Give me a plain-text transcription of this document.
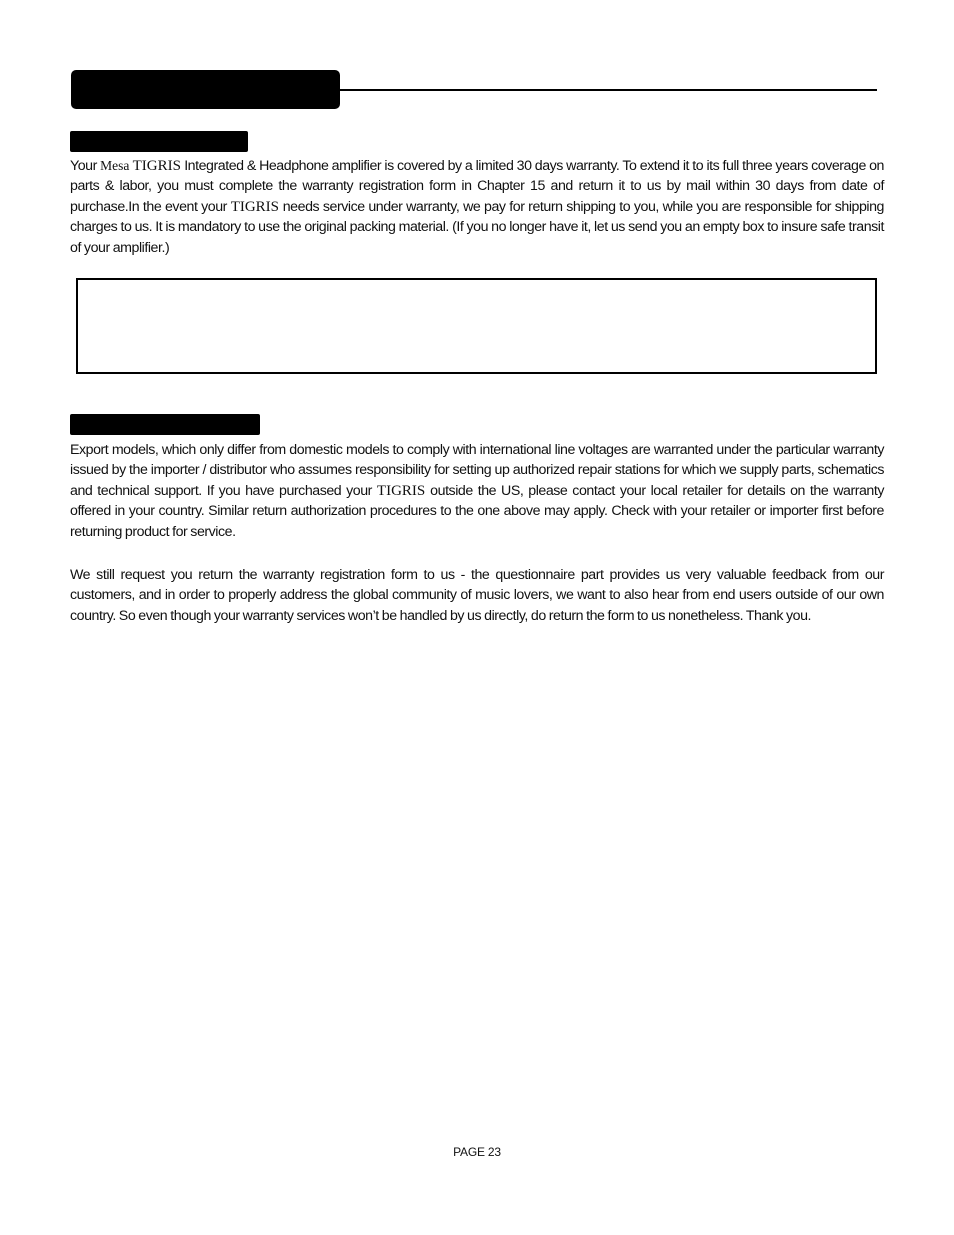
Your Mesa TIGRIS Integrated & Headphone amplifier is covered by a limited 30 days warranty. To extend it to its full three years coverage on parts & labor, you must complete the warranty registration form in Chapter 15 and return it to us by mail within 30 days from date of purchase.In the event your TIGRIS needs service under warranty, we pay for return shipping to you, while you are responsible for shipping charges to us. It is mandatory to use the original packing material. (If you no longer have it, let us send you an empty box to insure safe transit of your amplifier.)

Export models, which only differ from domestic models to comply with international line voltages are warranted under the particular warranty issued by the importer / distributor who assumes responsibility for setting up authorized repair stations for which we supply parts, schematics and technical support. If you have purchased your TIGRIS outside the US, please contact your local retailer for details on the warranty offered in your country. Similar return authorization procedures to the one above may apply. Check with your retailer or importer first before returning product for service.

We still request you return the warranty registration form to us - the questionnaire part provides us very valuable feedback from our customers, and in order to properly address the global community of music lovers, we want to also hear from end users outside of our own country. So even though your warranty services won’t be handled by us directly, do return the form to us nonetheless. Thank you.

PAGE 23
